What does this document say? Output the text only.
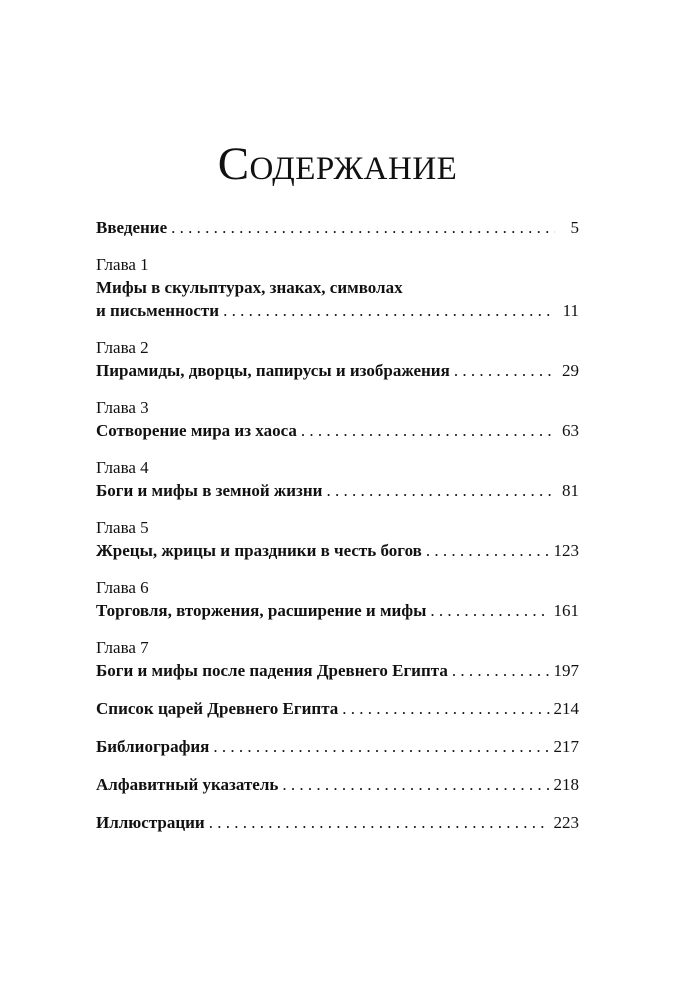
Содержание
Введение . . .	5
Глава 1
Мифы в скульптурах, знаках, символах
и письменности . . .	11
Глава 2
Пирамиды, дворцы, папирусы и изображения . . .	29
Глава 3
Сотворение мира из хаоса . . .	63
Глава 4
Боги и мифы в земной жизни . . .	81
Глава 5
Жрецы, жрицы и праздники в честь богов . . .	123
Глава 6
Торговля, вторжения, расширение и мифы . . .	161
Глава 7
Боги и мифы после падения Древнего Египта . . .	197
Список царей Древнего Египта . . .	214
Библиография . . .	217
Алфавитный указатель . . .	218
Иллюстрации . . .	223
